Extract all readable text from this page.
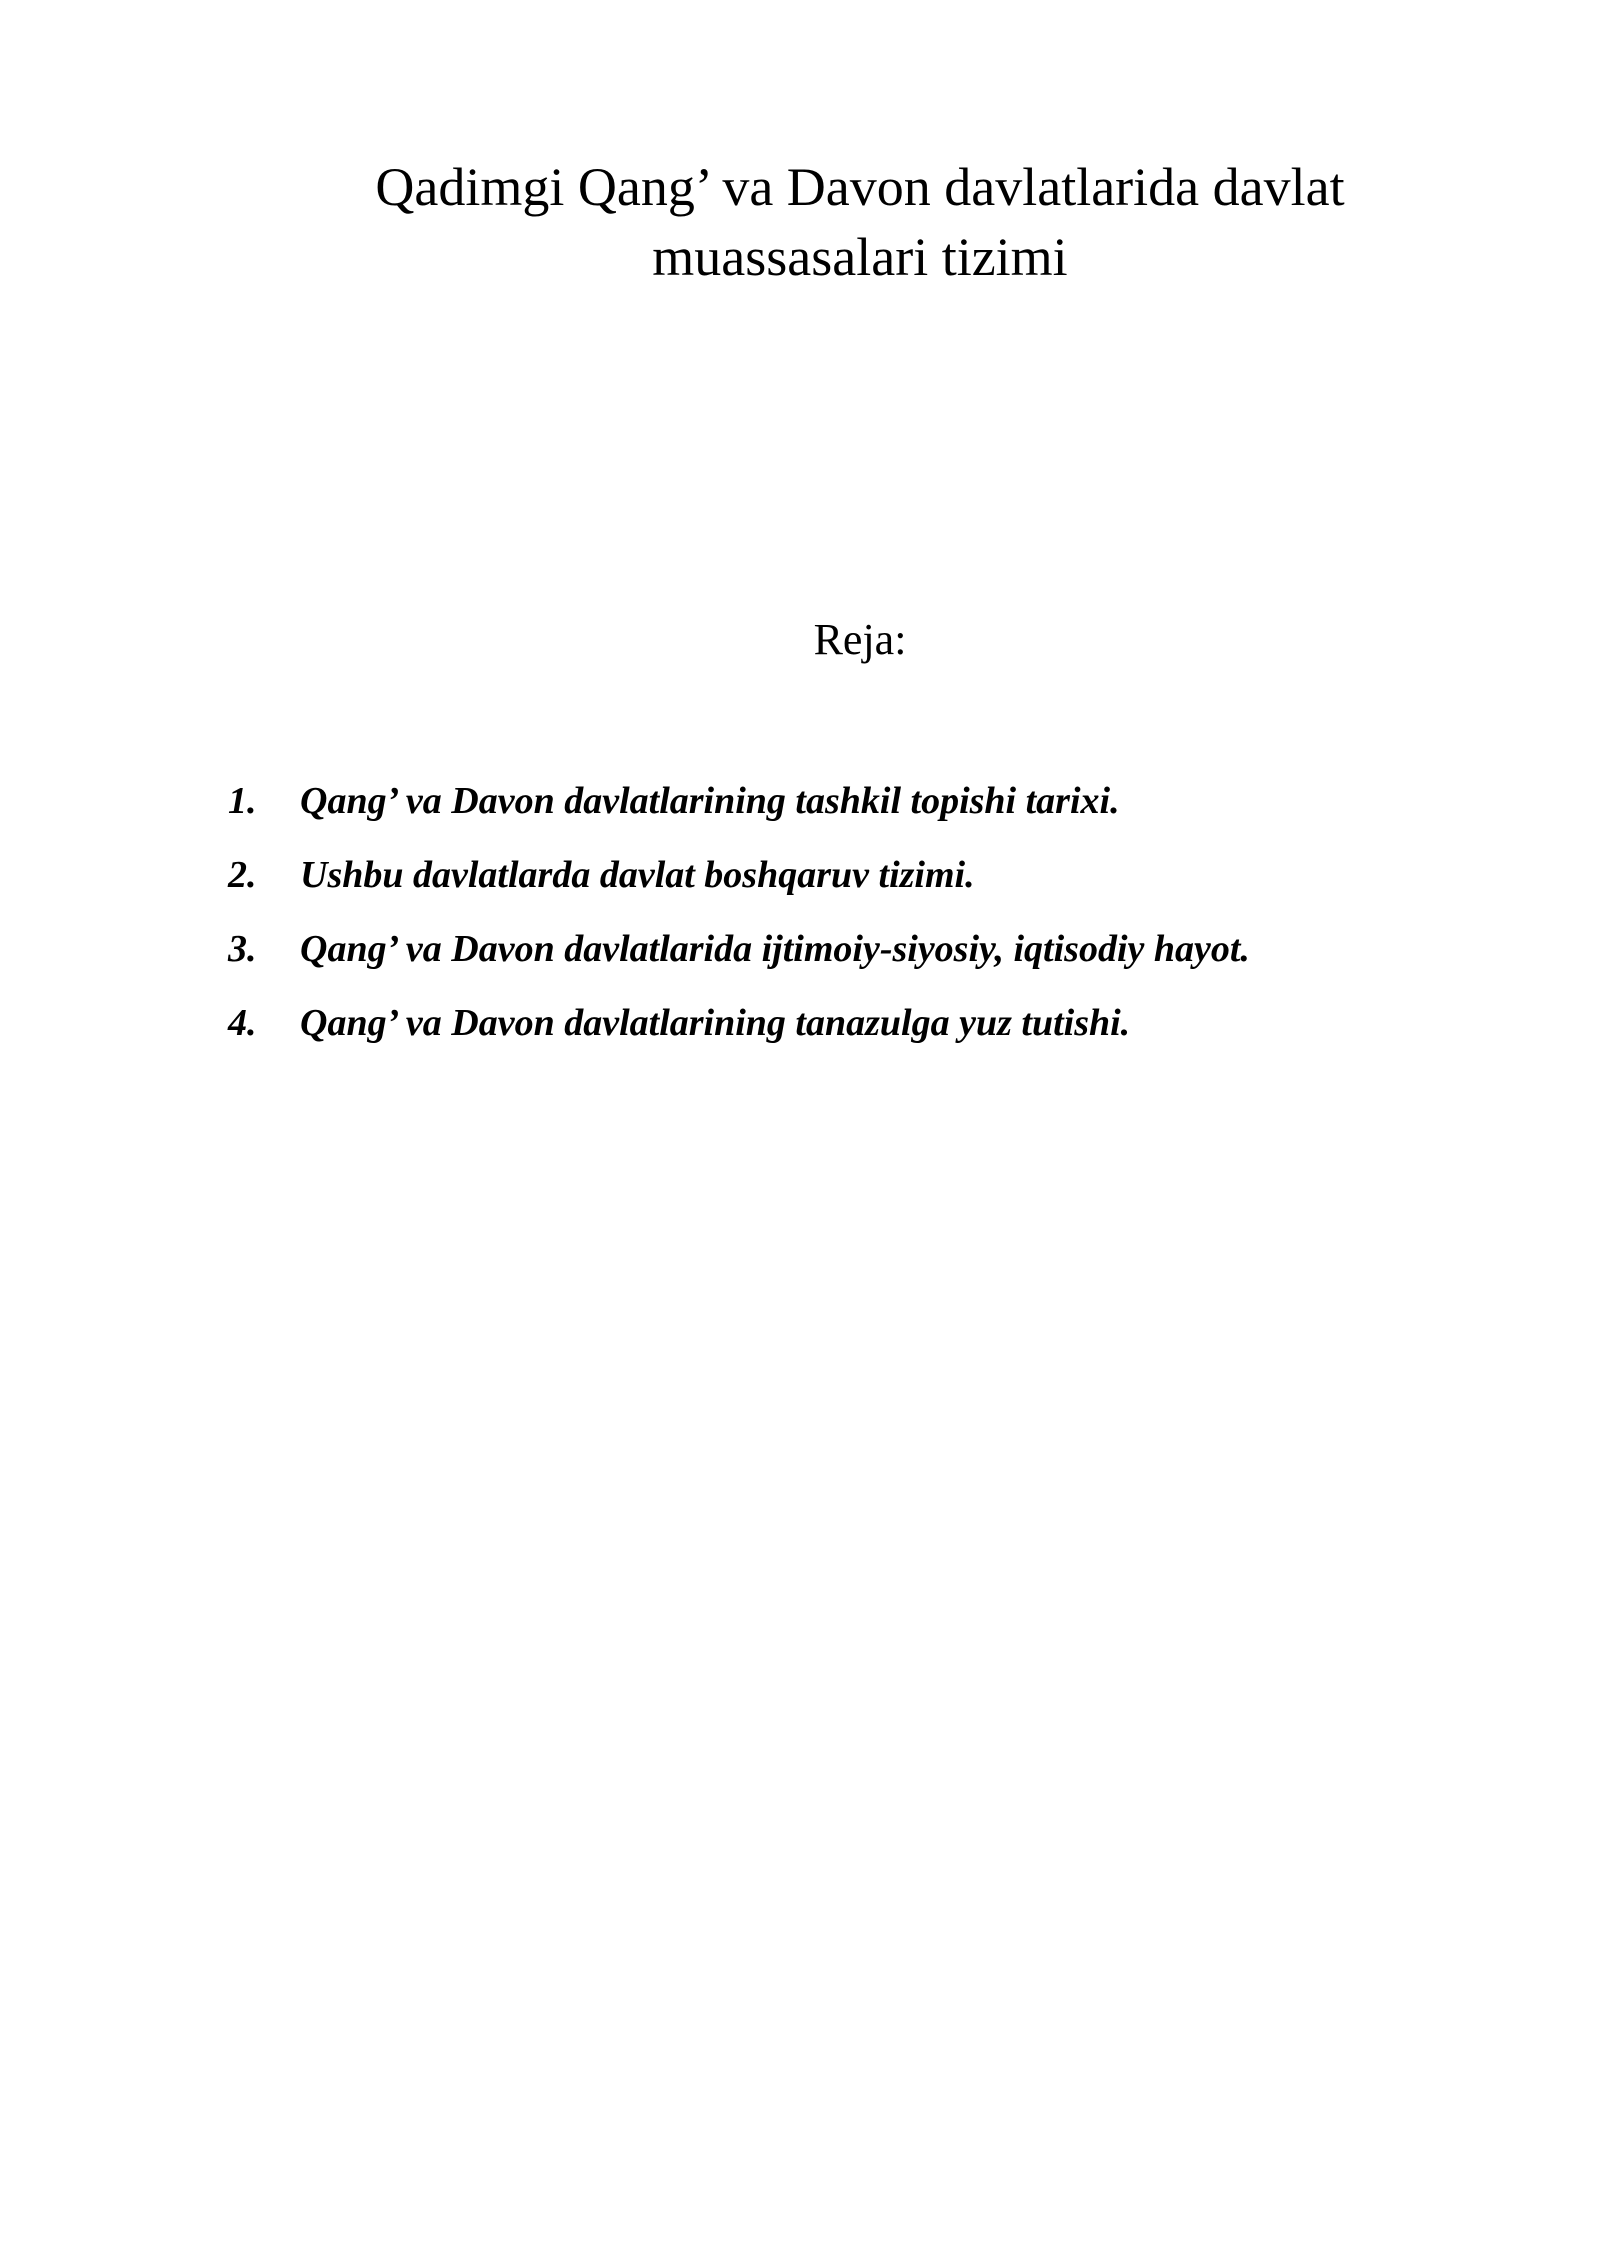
Qadimgi Qang’ va Davon davlatlarida davlat
muassasalari tizimi

Reja:

1.	Qang’ va Davon davlatlarining tashkil topishi tarixi.
2.	Ushbu davlatlarda davlat boshqaruv tizimi.
3.	Qang’ va Davon davlatlarida ijtimoiy-siyosiy, iqtisodiy hayot.
4.	Qang’ va Davon davlatlarining tanazulga yuz tutishi.
